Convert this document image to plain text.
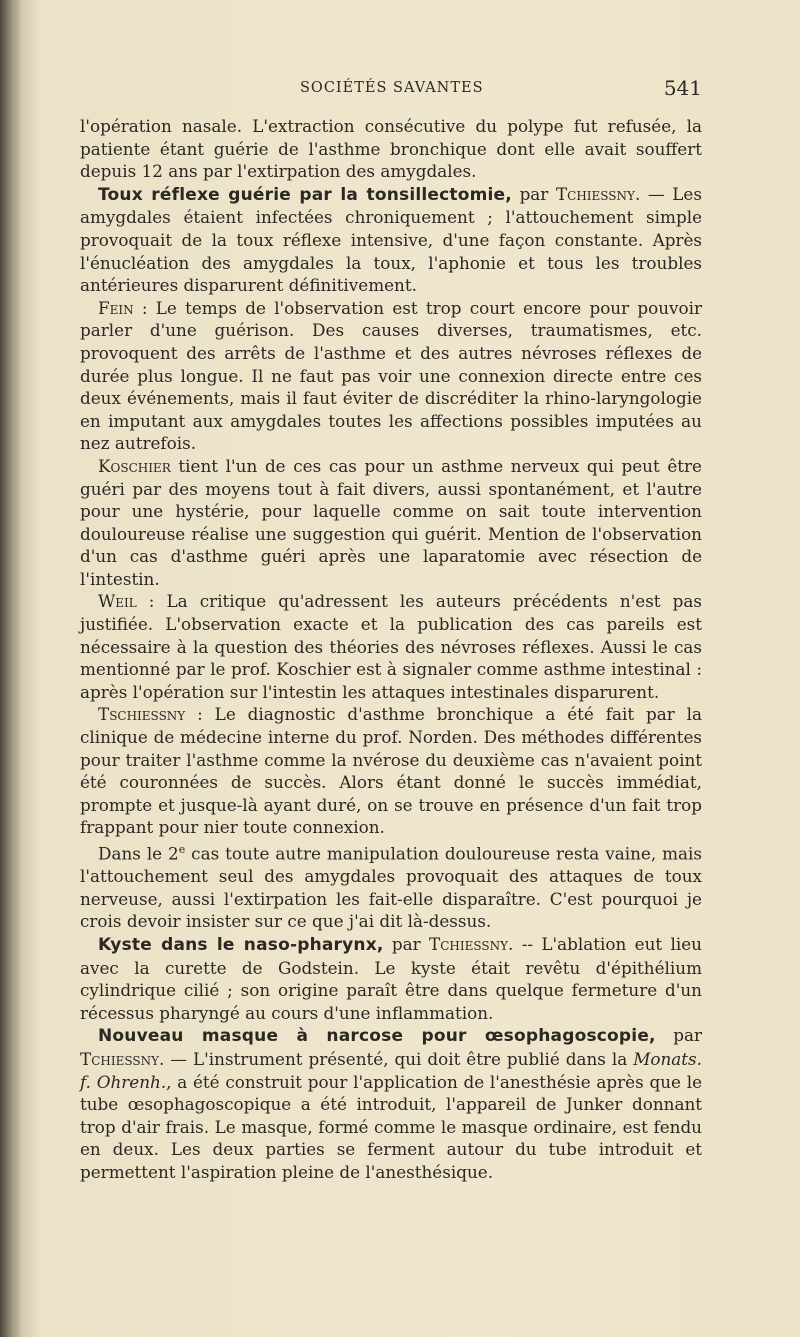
SOCIÉTÉS SAVANTES	541

l'opération nasale. L'extraction consécutive du polype fut refusée, la patiente étant guérie de l'asthme bronchique dont elle avait souffert depuis 12 ans par l'extirpation des amygdales.

Toux réflexe guérie par la tonsillectomie, par Tchiessny. — Les amygdales étaient infectées chroniquement ; l'attouchement simple provoquait de la toux réflexe intensive, d'une façon constante. Après l'énucléation des amygdales la toux, l'aphonie et tous les troubles antérieures disparurent définitivement.

Fein : Le temps de l'observation est trop court encore pour pouvoir parler d'une guérison. Des causes diverses, traumatismes, etc. provoquent des arrêts de l'asthme et des autres névroses réflexes de durée plus longue. Il ne faut pas voir une connexion directe entre ces deux événements, mais il faut éviter de discréditer la rhino-laryngologie en imputant aux amygdales toutes les affections possibles imputées au nez autrefois.

Koschier tient l'un de ces cas pour un asthme nerveux qui peut être guéri par des moyens tout à fait divers, aussi spontanément, et l'autre pour une hystérie, pour laquelle comme on sait toute intervention douloureuse réalise une suggestion qui guérit. Mention de l'observation d'un cas d'asthme guéri après une laparatomie avec résection de l'intestin.

Weil : La critique qu'adressent les auteurs précédents n'est pas justifiée. L'observation exacte et la publication des cas pareils est nécessaire à la question des théories des névroses réflexes. Aussi le cas mentionné par le prof. Koschier est à signaler comme asthme intestinal : après l'opération sur l'intestin les attaques intestinales disparurent.

Tschiessny : Le diagnostic d'asthme bronchique a été fait par la clinique de médecine interne du prof. Norden. Des méthodes différentes pour traiter l'asthme comme la nvérose du deuxième cas n'avaient point été couronnées de succès. Alors étant donné le succès immédiat, prompte et jusque-là ayant duré, on se trouve en présence d'un fait trop frappant pour nier toute connexion.

Dans le 2e cas toute autre manipulation douloureuse resta vaine, mais l'attouchement seul des amygdales provoquait des attaques de toux nerveuse, aussi l'extirpation les fait-elle disparaître. C'est pourquoi je crois devoir insister sur ce que j'ai dit là-dessus.

Kyste dans le naso-pharynx, par Tchiessny. -- L'ablation eut lieu avec la curette de Godstein. Le kyste était revêtu d'épithélium cylindrique cilié ; son origine paraît être dans quelque fermeture d'un récessus pharyngé au cours d'une inflammation.

Nouveau masque à narcose pour œsophagoscopie, par Tchiessny. — L'instrument présenté, qui doit être publié dans la Monats. f. Ohrenh., a été construit pour l'application de l'anesthésie après que le tube œsophagoscopique a été introduit, l'appareil de Junker donnant trop d'air frais. Le masque, formé comme le masque ordinaire, est fendu en deux. Les deux parties se ferment autour du tube introduit et permettent l'aspiration pleine de l'anesthésique.
